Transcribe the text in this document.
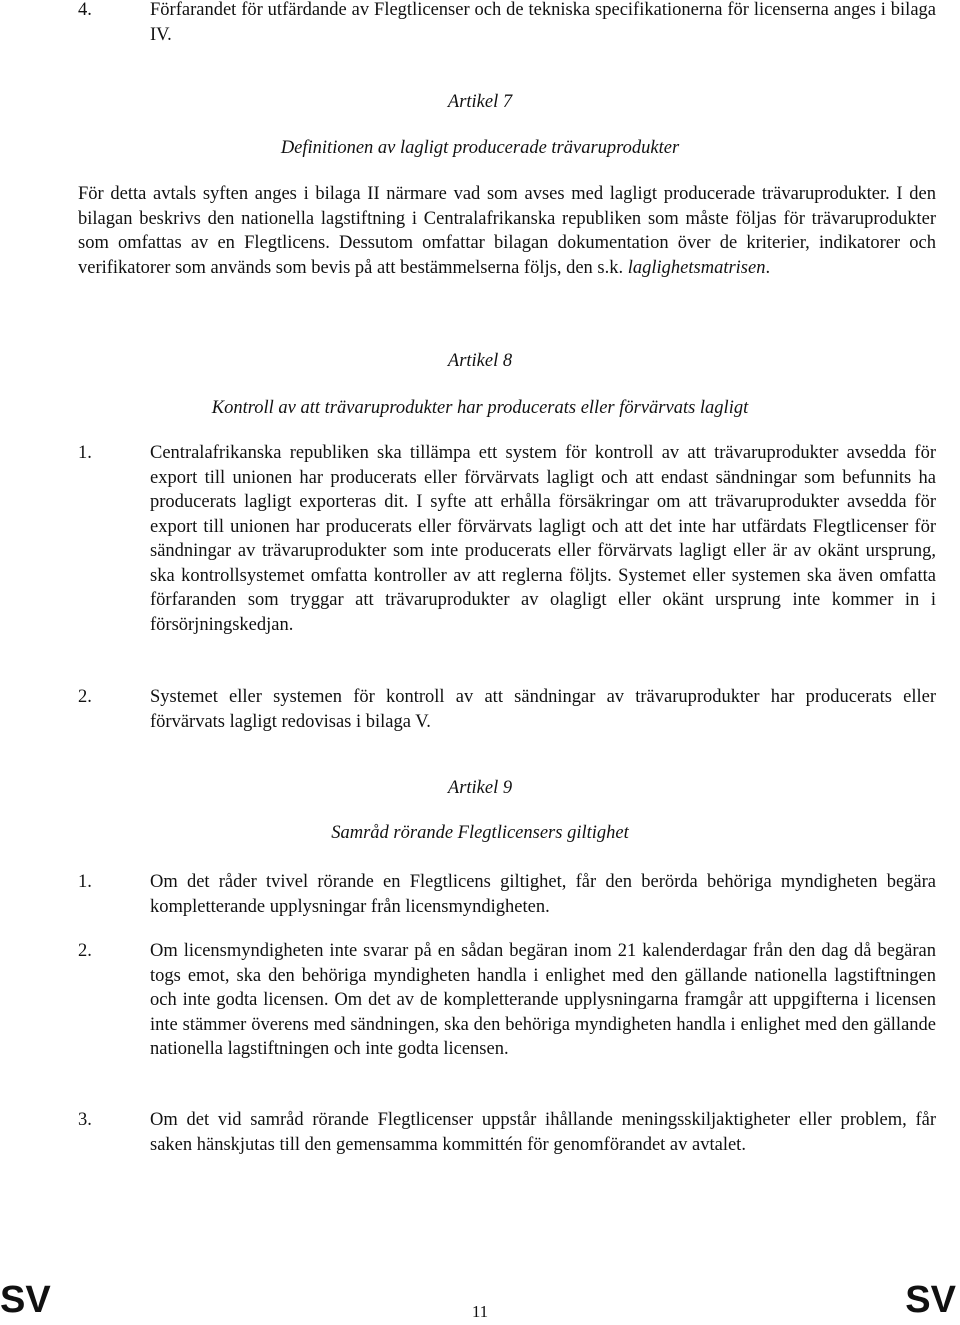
4.	Förfarandet för utfärdande av Flegtlicenser och de tekniska specifikationerna för licenserna anges i bilaga IV.
Artikel 7
Definitionen av lagligt producerade trävaruprodukter
För detta avtals syften anges i bilaga II närmare vad som avses med lagligt producerade trävaruprodukter. I den bilagan beskrivs den nationella lagstiftning i Centralafrikanska republiken som måste följas för trävaruprodukter som omfattas av en Flegtlicens. Dessutom omfattar bilagan dokumentation över de kriterier, indikatorer och verifikatorer som används som bevis på att bestämmelserna följs, den s.k. laglighetsmatrisen.
Artikel 8
Kontroll av att trävaruprodukter har producerats eller förvärvats lagligt
1.	Centralafrikanska republiken ska tillämpa ett system för kontroll av att trävaruprodukter avsedda för export till unionen har producerats eller förvärvats lagligt och att endast sändningar som befunnits ha producerats lagligt exporteras dit. I syfte att erhålla försäkringar om att trävaruprodukter avsedda för export till unionen har producerats eller förvärvats lagligt och att det inte har utfärdats Flegtlicenser för sändningar av trävaruprodukter som inte producerats eller förvärvats lagligt eller är av okänt ursprung, ska kontrollsystemet omfatta kontroller av att reglerna följts. Systemet eller systemen ska även omfatta förfaranden som tryggar att trävaruprodukter av olagligt eller okänt ursprung inte kommer in i försörjningskedjan.
2.	Systemet eller systemen för kontroll av att sändningar av trävaruprodukter har producerats eller förvärvats lagligt redovisas i bilaga V.
Artikel 9
Samråd rörande Flegtlicensers giltighet
1.	Om det råder tvivel rörande en Flegtlicens giltighet, får den berörda behöriga myndigheten begära kompletterande upplysningar från licensmyndigheten.
2.	Om licensmyndigheten inte svarar på en sådan begäran inom 21 kalenderdagar från den dag då begäran togs emot, ska den behöriga myndigheten handla i enlighet med den gällande nationella lagstiftningen och inte godta licensen. Om det av de kompletterande upplysningarna framgår att uppgifterna i licensen inte stämmer överens med sändningen, ska den behöriga myndigheten handla i enlighet med den gällande nationella lagstiftningen och inte godta licensen.
3.	Om det vid samråd rörande Flegtlicenser uppstår ihållande meningsskiljaktigheter eller problem, får saken hänskjutas till den gemensamma kommittén för genomförandet av avtalet.
SV	11	SV
